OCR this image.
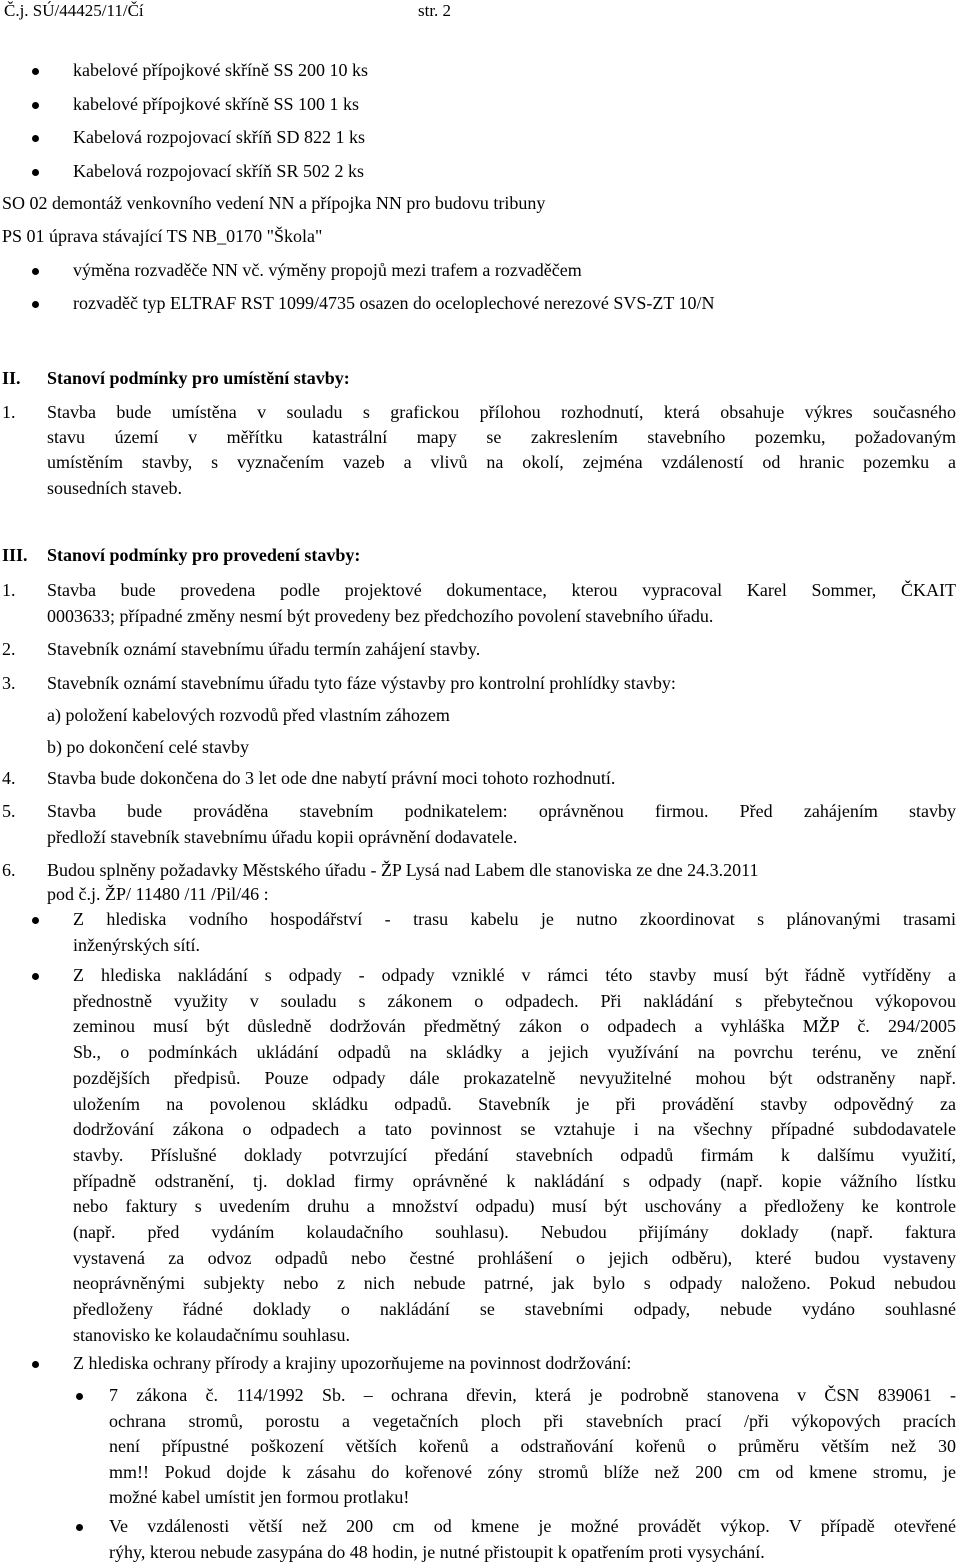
Č.j. SÚ/44425/11/Čí	str. 2
kabelové přípojkové skříně SS 200 10 ks
kabelové přípojkové skříně SS 100 1 ks
Kabelová rozpojovací skříň SD 822 1 ks
Kabelová rozpojovací skříň SR 502 2 ks
SO 02 demontáž venkovního vedení NN a přípojka NN pro budovu tribuny
PS 01 úprava stávající TS NB_0170 "Škola"
výměna rozvaděče NN vč. výměny propojů mezi trafem a rozvaděčem
rozvaděč typ ELTRAF RST 1099/4735 osazen do oceloplechové nerezové SVS-ZT 10/N
II. Stanoví podmínky pro umístění stavby:
1. Stavba bude umístěna v souladu s grafickou přílohou rozhodnutí, která obsahuje výkres současného
stavu území v měřítku katastrální mapy se zakreslením stavebního pozemku, požadovaným
umístěním stavby, s vyznačením vazeb a vlivů na okolí, zejména vzdáleností od hranic pozemku a
sousedních staveb.
III. Stanoví podmínky pro provedení stavby:
1. Stavba bude provedena podle projektové dokumentace, kterou vypracoval Karel Sommer, ČKAIT
0003633; případné změny nesmí být provedeny bez předchozího povolení stavebního úřadu.
2. Stavebník oznámí stavebnímu úřadu termín zahájení stavby.
3. Stavebník oznámí stavebnímu úřadu tyto fáze výstavby pro kontrolní prohlídky stavby:
a) položení kabelových rozvodů před vlastním záhozem
b) po dokončení celé stavby
4. Stavba bude dokončena do 3 let ode dne nabytí právní moci tohoto rozhodnutí.
5. Stavba bude prováděna stavebním podnikatelem: oprávněnou firmou. Před zahájením stavby
předloží stavebník stavebnímu úřadu kopii oprávnění dodavatele.
6. Budou splněny požadavky Městského úřadu - ŽP Lysá nad Labem dle stanoviska ze dne 24.3.2011
pod č.j. ŽP/ 11480 /11 /Pil/46 :
Z hlediska vodního hospodářství - trasu kabelu je nutno zkoordinovat s plánovanými trasami
inženýrských sítí.
Z hlediska nakládání s odpady - odpady vzniklé v rámci této stavby musí být řádně vytříděny a
přednostně využity v souladu s zákonem o odpadech. Při nakládání s přebytečnou výkopovou
zeminou musí být důsledně dodržován předmětný zákon o odpadech a vyhláška MŽP č. 294/2005
Sb., o podmínkách ukládání odpadů na skládky a jejich využívání na povrchu terénu, ve znění
pozdějších předpisů. Pouze odpady dále prokazatelně nevyužitelné mohou být odstraněny např.
uložením na povolenou skládku odpadů. Stavebník je při provádění stavby odpovědný za
dodržování zákona o odpadech a tato povinnost se vztahuje i na všechny případné subdodavatele
stavby. Příslušné doklady potvrzující předání stavebních odpadů firmám k dalšímu využití,
případně odstranění, tj. doklad firmy oprávněné k nakládání s odpady (např. kopie vážního lístku
nebo faktury s uvedením druhu a množství odpadu) musí být uschovány a předloženy ke kontrole
(např. před vydáním kolaudačního souhlasu). Nebudou přijímány doklady (např. faktura
vystavená za odvoz odpadů nebo čestné prohlášení o jejich odběru), které budou vystaveny
neoprávněnými subjekty nebo z nich nebude patrné, jak bylo s odpady naloženo. Pokud nebudou
předloženy řádné doklady o nakládání se stavebními odpady, nebude vydáno souhlasné
stanovisko ke kolaudačnímu souhlasu.
Z hlediska ochrany přírody a krajiny upozorňujeme na povinnost dodržování:
7 zákona č. 114/1992 Sb. – ochrana dřevin, která je podrobně stanovena v ČSN 839061 -
ochrana stromů, porostu a vegetačních ploch při stavebních prací /při výkopových pracích
není přípustné poškození větších kořenů a odstraňování kořenů o průměru větším než 30
mm!! Pokud dojde k zásahu do kořenové zóny stromů blíže než 200 cm od kmene stromu, je
možné kabel umístit jen formou protlaku!
Ve vzdálenosti větší než 200 cm od kmene je možné provádět výkop. V případě otevřené
rýhy, kterou nebude zasypána do 48 hodin, je nutné přistoupit k opatřením proti vysychání.
